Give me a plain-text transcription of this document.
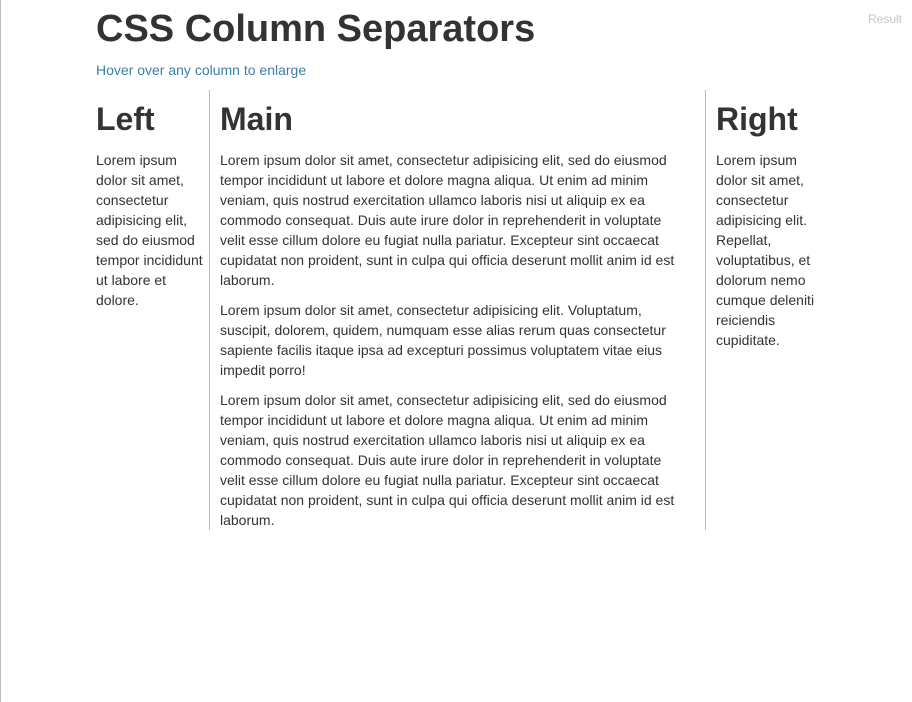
Result
CSS Column Separators

Hover over any column to enlarge

Left

Lorem ipsum dolor sit amet, consectetur adipisicing elit, sed do eiusmod tempor incididunt ut labore et dolore.

Main

Lorem ipsum dolor sit amet, consectetur adipisicing elit, sed do eiusmod tempor incididunt ut labore et dolore magna aliqua. Ut enim ad minim veniam, quis nostrud exercitation ullamco laboris nisi ut aliquip ex ea commodo consequat. Duis aute irure dolor in reprehenderit in voluptate velit esse cillum dolore eu fugiat nulla pariatur. Excepteur sint occaecat cupidatat non proident, sunt in culpa qui officia deserunt mollit anim id est laborum.

Lorem ipsum dolor sit amet, consectetur adipisicing elit. Voluptatum, suscipit, dolorem, quidem, numquam esse alias rerum quas consectetur sapiente facilis itaque ipsa ad excepturi possimus voluptatem vitae eius impedit porro!

Lorem ipsum dolor sit amet, consectetur adipisicing elit, sed do eiusmod tempor incididunt ut labore et dolore magna aliqua. Ut enim ad minim veniam, quis nostrud exercitation ullamco laboris nisi ut aliquip ex ea commodo consequat. Duis aute irure dolor in reprehenderit in voluptate velit esse cillum dolore eu fugiat nulla pariatur. Excepteur sint occaecat cupidatat non proident, sunt in culpa qui officia deserunt mollit anim id est laborum.

Right

Lorem ipsum dolor sit amet, consectetur adipisicing elit. Repellat, voluptatibus, et dolorum nemo cumque deleniti reiciendis cupiditate.
